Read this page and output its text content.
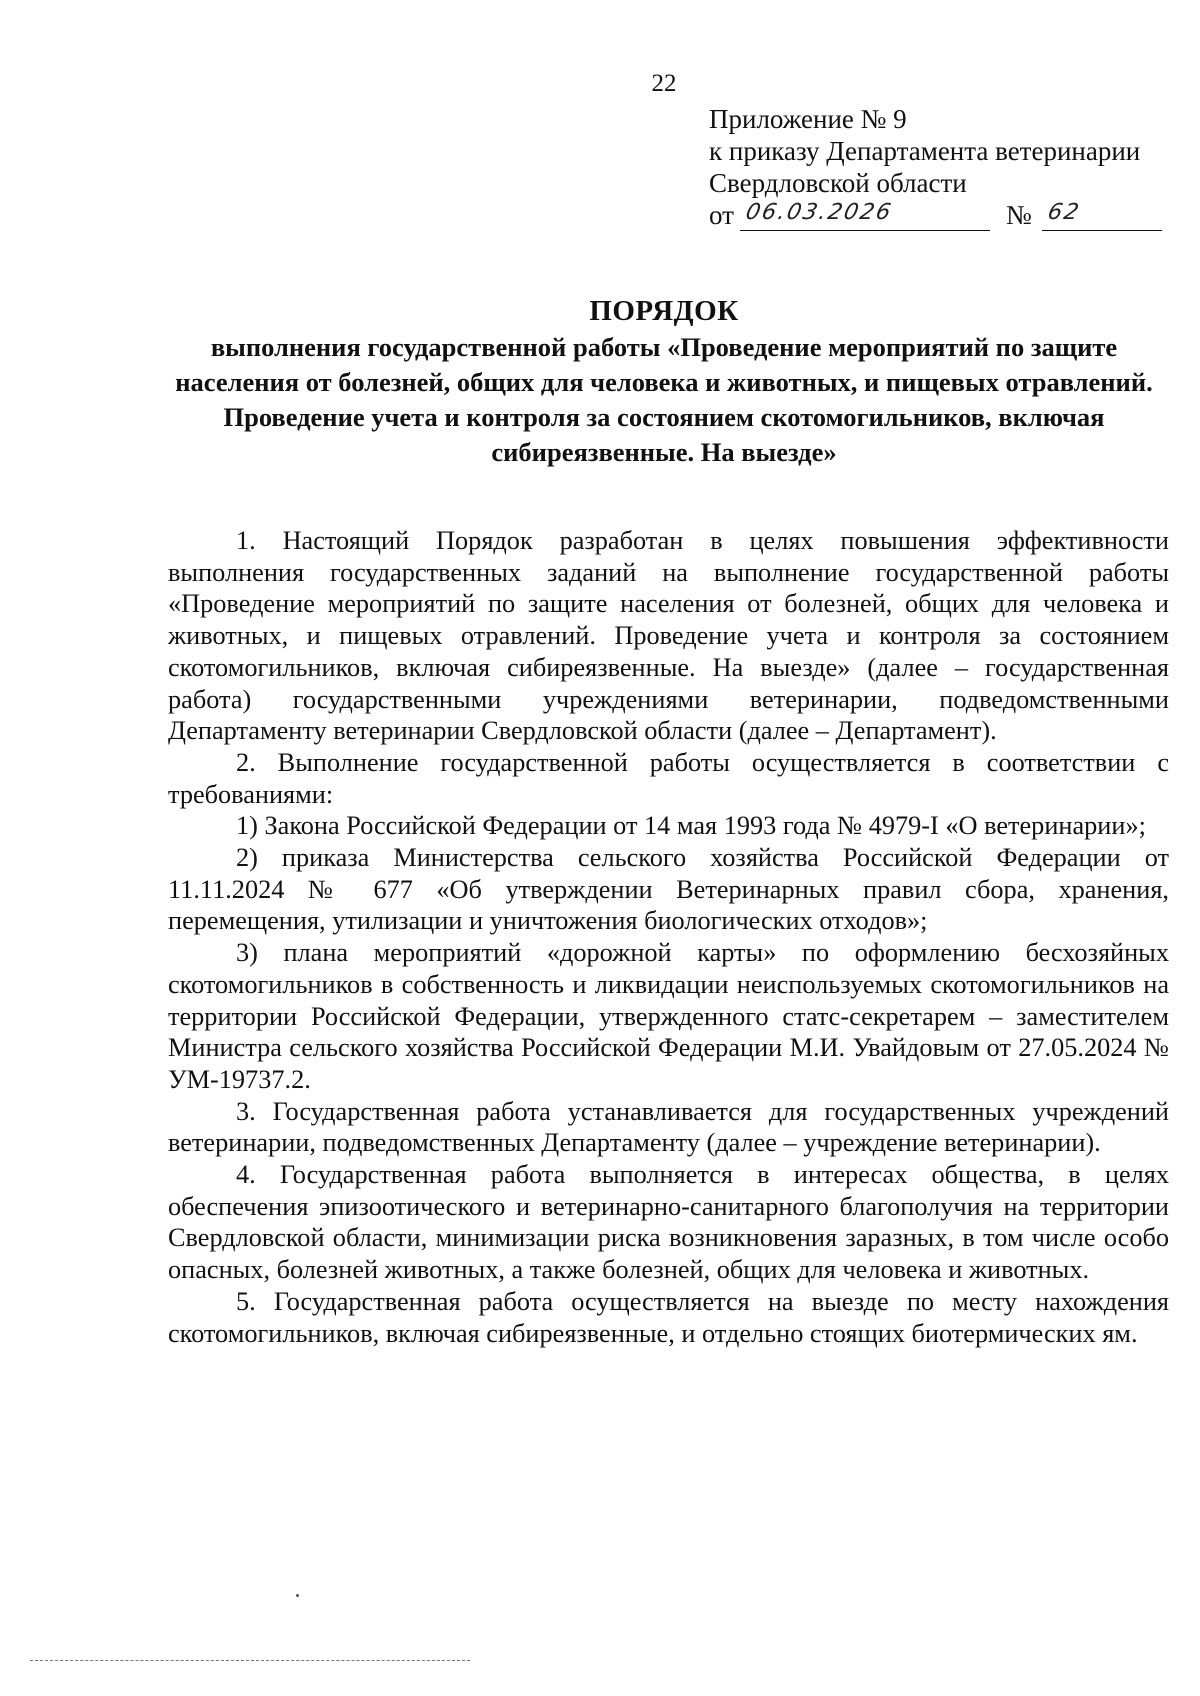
22
Приложение № 9
к приказу Департамента ветеринарии
Свердловской области
от 06.03.2026	№ 62
ПОРЯДОК
выполнения государственной работы «Проведение мероприятий по защите населения от болезней, общих для человека и животных, и пищевых отравлений. Проведение учета и контроля за состоянием скотомогильников, включая сибиреязвенные. На выезде»

1. Настоящий Порядок разработан в целях повышения эффективности выполнения государственных заданий на выполнение государственной работы «Проведение мероприятий по защите населения от болезней, общих для человека и животных, и пищевых отравлений. Проведение учета и контроля за состоянием скотомогильников, включая сибиреязвенные. На выезде» (далее – государственная работа) государственными учреждениями ветеринарии, подведомственными Департаменту ветеринарии Свердловской области (далее – Департамент).

2. Выполнение государственной работы осуществляется в соответствии с требованиями:

1) Закона Российской Федерации от 14 мая 1993 года № 4979-I «О ветеринарии»;

2) приказа Министерства сельского хозяйства Российской Федерации от 11.11.2024 № 677 «Об утверждении Ветеринарных правил сбора, хранения, перемещения, утилизации и уничтожения биологических отходов»;

3) плана мероприятий «дорожной карты» по оформлению бесхозяйных скотомогильников в собственность и ликвидации неиспользуемых скотомогильников на территории Российской Федерации, утвержденного статс-секретарем – заместителем Министра сельского хозяйства Российской Федерации М.И. Увайдовым от 27.05.2024 № УМ-19737.2.

3. Государственная работа устанавливается для государственных учреждений ветеринарии, подведомственных Департаменту (далее – учреждение ветеринарии).

4. Государственная работа выполняется в интересах общества, в целях обеспечения эпизоотического и ветеринарно-санитарного благополучия на территории Свердловской области, минимизации риска возникновения заразных, в том числе особо опасных, болезней животных, а также болезней, общих для человека и животных.

5. Государственная работа осуществляется на выезде по месту нахождения скотомогильников, включая сибиреязвенные, и отдельно стоящих биотермических ям.
